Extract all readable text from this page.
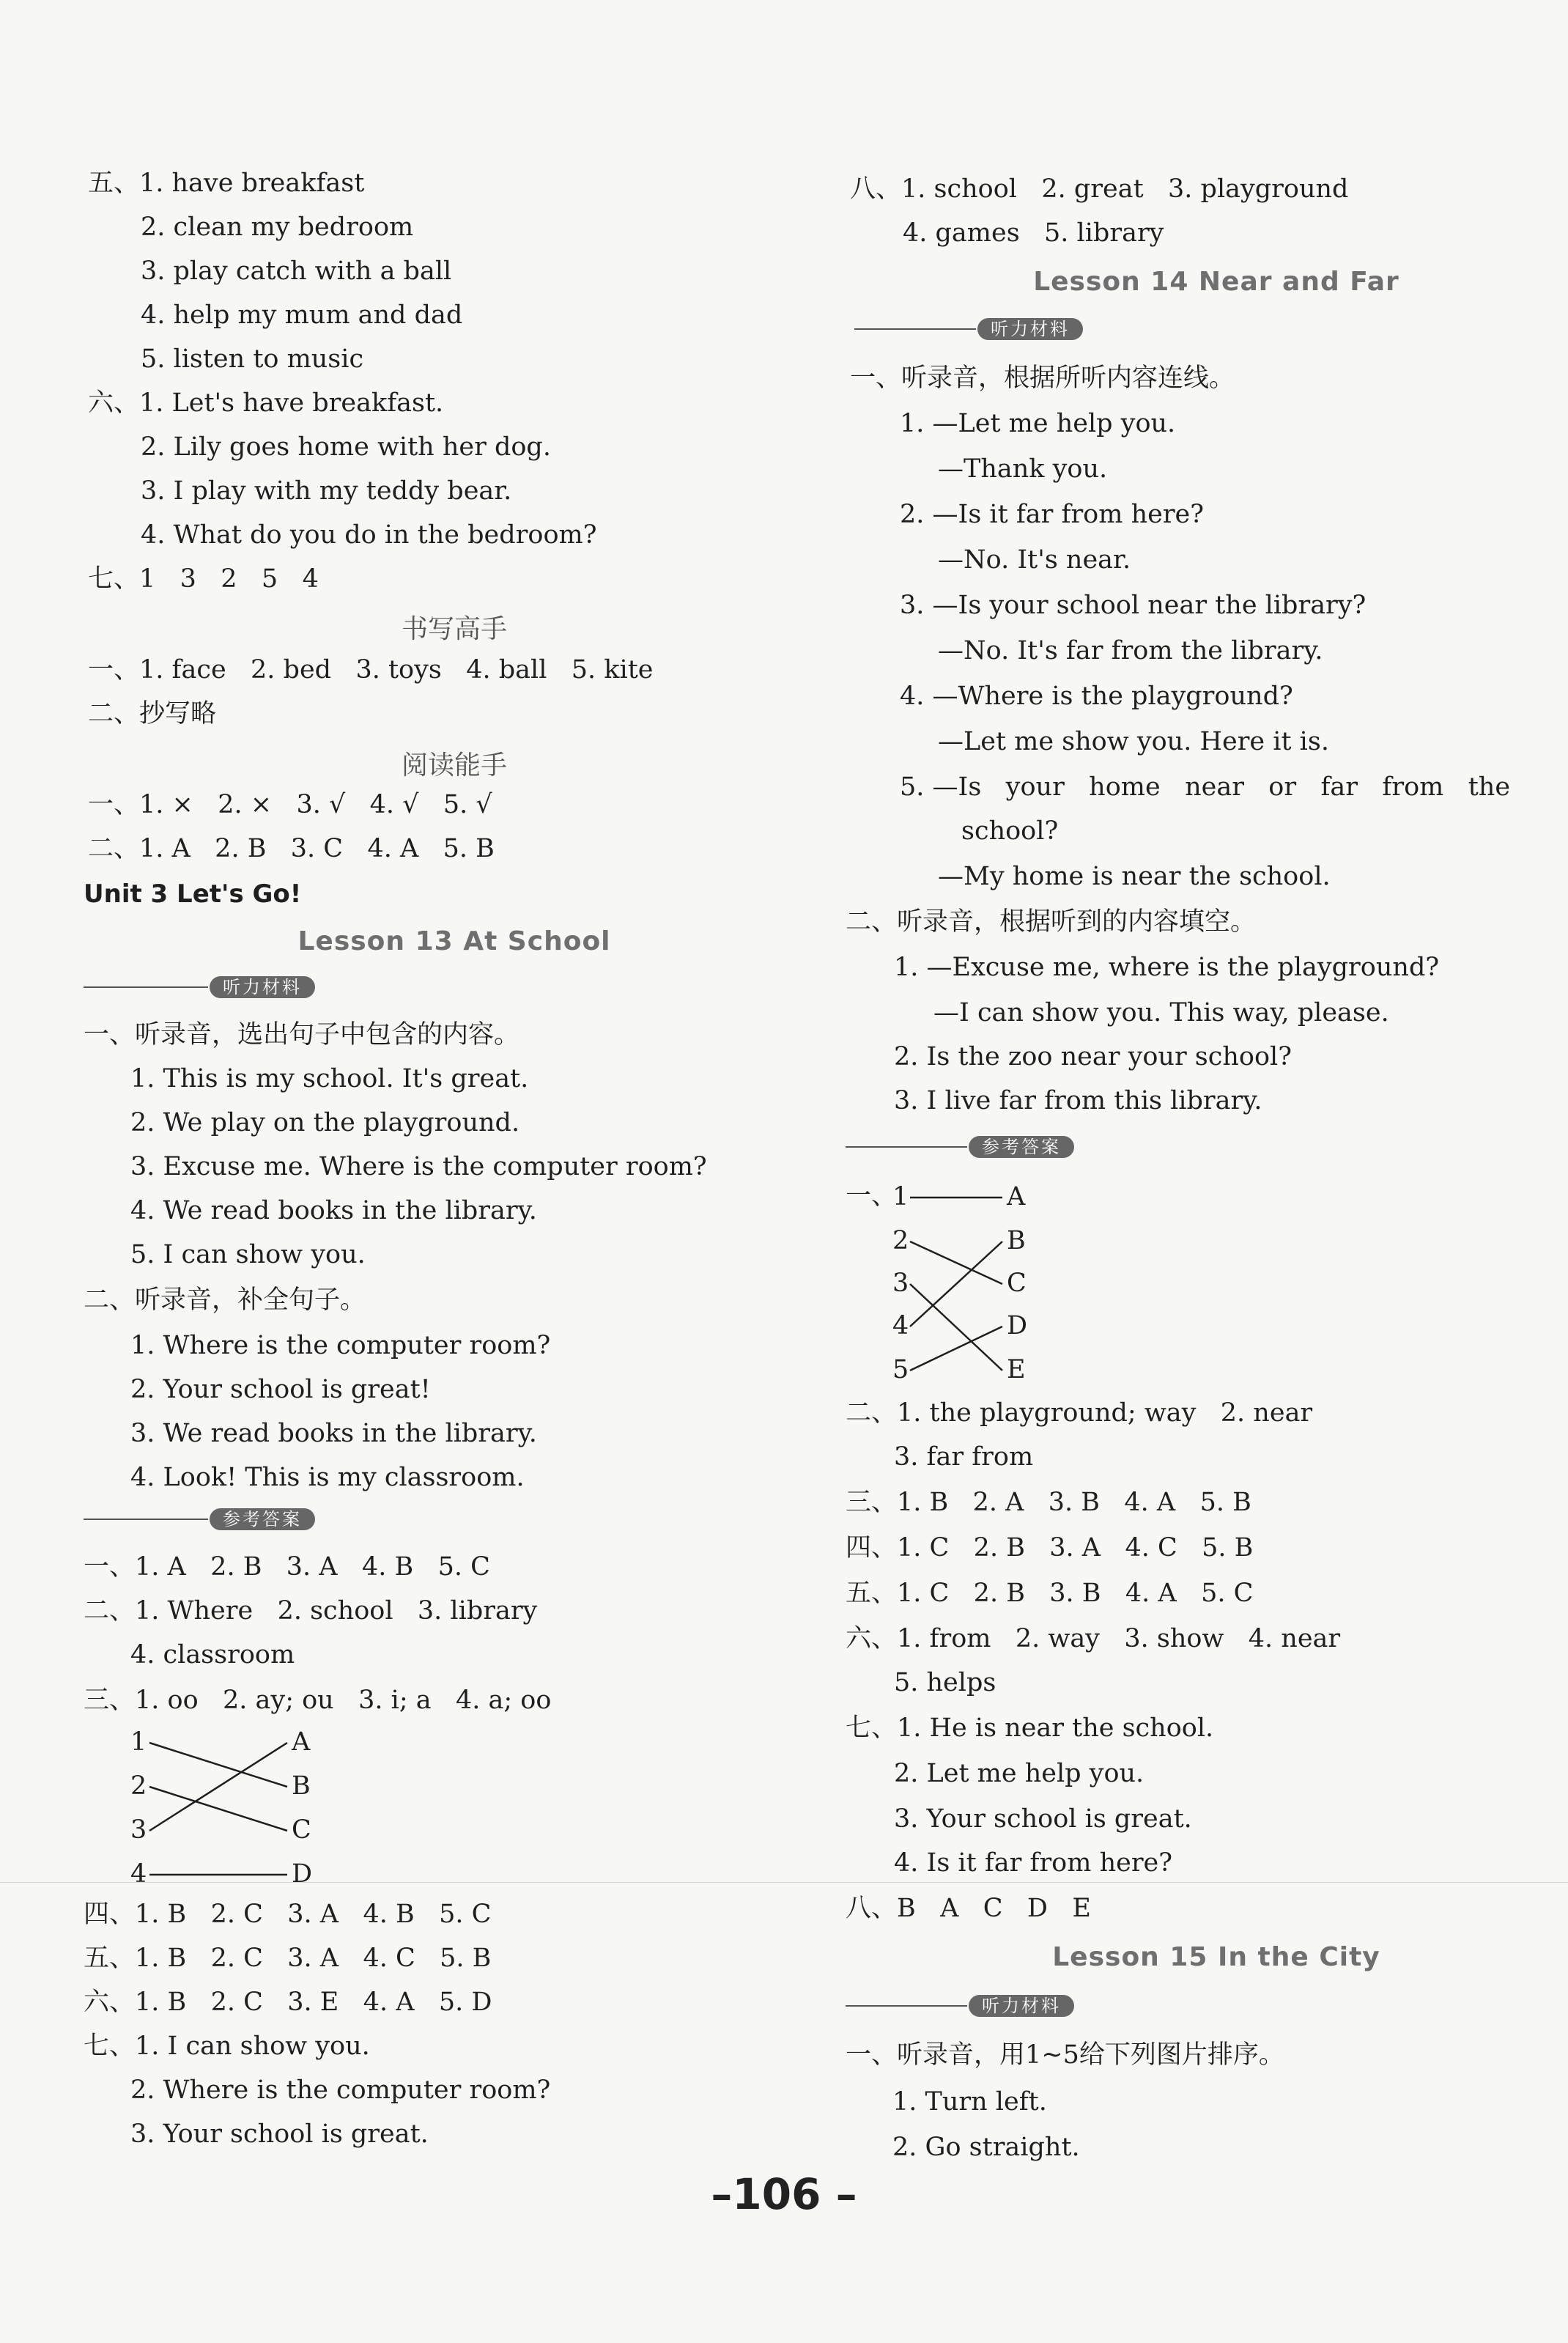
五、1. have breakfast
2. clean my bedroom
3. play catch with a ball
4. help my mum and dad
5. listen to music
六、1. Let's have breakfast.
2. Lily goes home with her dog.
3. I play with my teddy bear.
4. What do you do in the bedroom?
七、1   3   2   5   4
书写高手
一、1. face   2. bed   3. toys   4. ball   5. kite
二、抄写略
阅读能手
一、1. ×   2. ×   3. √   4. √   5. √
二、1. A   2. B   3. C   4. A   5. B
Unit 3 Let's Go!
Lesson 13 At School
听力材料
一、听录音，选出句子中包含的内容。
1. This is my school. It's great.
2. We play on the playground.
3. Excuse me. Where is the computer room?
4. We read books in the library.
5. I can show you.
二、听录音，补全句子。
1. Where is the computer room?
2. Your school is great!
3. We read books in the library.
4. Look! This is my classroom.
参考答案
一、1. A   2. B   3. A   4. B   5. C
二、1. Where   2. school   3. library
4. classroom
三、1. oo   2. ay; ou   3. i; a   4. a; oo
1
2
3
4
A
B
C
D
四、1. B   2. C   3. A   4. B   5. C
五、1. B   2. C   3. A   4. C   5. B
六、1. B   2. C   3. E   4. A   5. D
七、1. I can show you.
2. Where is the computer room?
3. Your school is great.
八、1. school   2. great   3. playground
4. games   5. library
Lesson 14 Near and Far
听力材料
一、听录音，根据所听内容连线。
1. —Let me help you.
—Thank you.
2. —Is it far from here?
—No. It's near.
3. —Is your school near the library?
—No. It's far from the library.
4. —Where is the playground?
—Let me show you. Here it is.
5. —Is   your   home   near   or   far   from   the
school?
—My home is near the school.
二、听录音，根据听到的内容填空。
1. —Excuse me, where is the playground?
—I can show you. This way, please.
2. Is the zoo near your school?
3. I live far from this library.
参考答案
一、
1
2
3
4
5
A
B
C
D
E
二、1. the playground; way   2. near
3. far from
三、1. B   2. A   3. B   4. A   5. B
四、1. C   2. B   3. A   4. C   5. B
五、1. C   2. B   3. B   4. A   5. C
六、1. from   2. way   3. show   4. near
5. helps
七、1. He is near the school.
2. Let me help you.
3. Your school is great.
4. Is it far from here?
八、B   A   C   D   E
Lesson 15 In the City
听力材料
一、听录音，用1~5给下列图片排序。
1. Turn left.
2. Go straight.
–106 –
